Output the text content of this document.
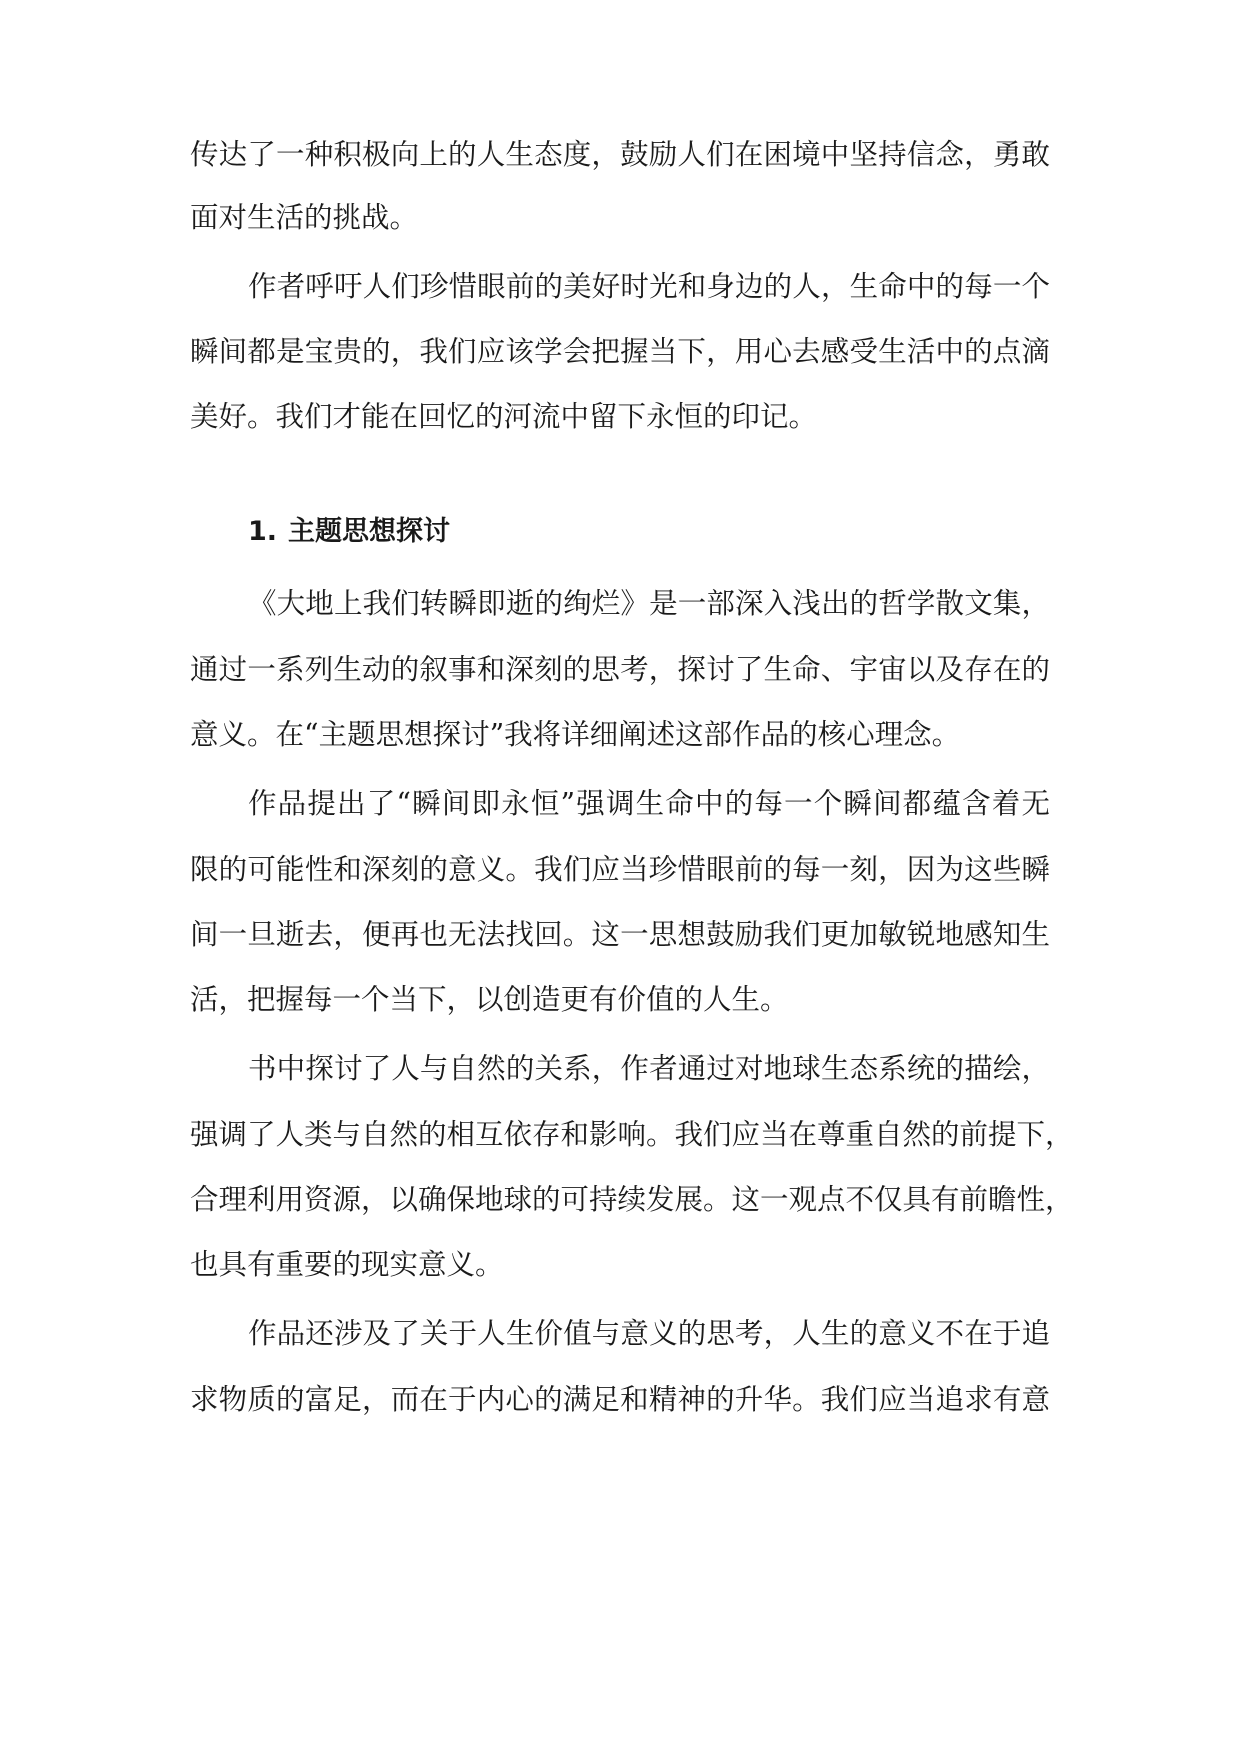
传达了一种积极向上的人生态度，鼓励人们在困境中坚持信念，勇敢
面对生活的挑战。
作者呼吁人们珍惜眼前的美好时光和身边的人，生命中的每一个
瞬间都是宝贵的，我们应该学会把握当下，用心去感受生活中的点滴
美好。我们才能在回忆的河流中留下永恒的印记。
1. 主题思想探讨
《大地上我们转瞬即逝的绚烂》是一部深入浅出的哲学散文集，
通过一系列生动的叙事和深刻的思考，探讨了生命、宇宙以及存在的
意义。在“主题思想探讨”我将详细阐述这部作品的核心理念。
作品提出了“瞬间即永恒”强调生命中的每一个瞬间都蕴含着无
限的可能性和深刻的意义。我们应当珍惜眼前的每一刻，因为这些瞬
间一旦逝去，便再也无法找回。这一思想鼓励我们更加敏锐地感知生
活，把握每一个当下，以创造更有价值的人生。
书中探讨了人与自然的关系，作者通过对地球生态系统的描绘，
强调了人类与自然的相互依存和影响。我们应当在尊重自然的前提下，
合理利用资源，以确保地球的可持续发展。这一观点不仅具有前瞻性，
也具有重要的现实意义。
作品还涉及了关于人生价值与意义的思考，人生的意义不在于追
求物质的富足，而在于内心的满足和精神的升华。我们应当追求有意
